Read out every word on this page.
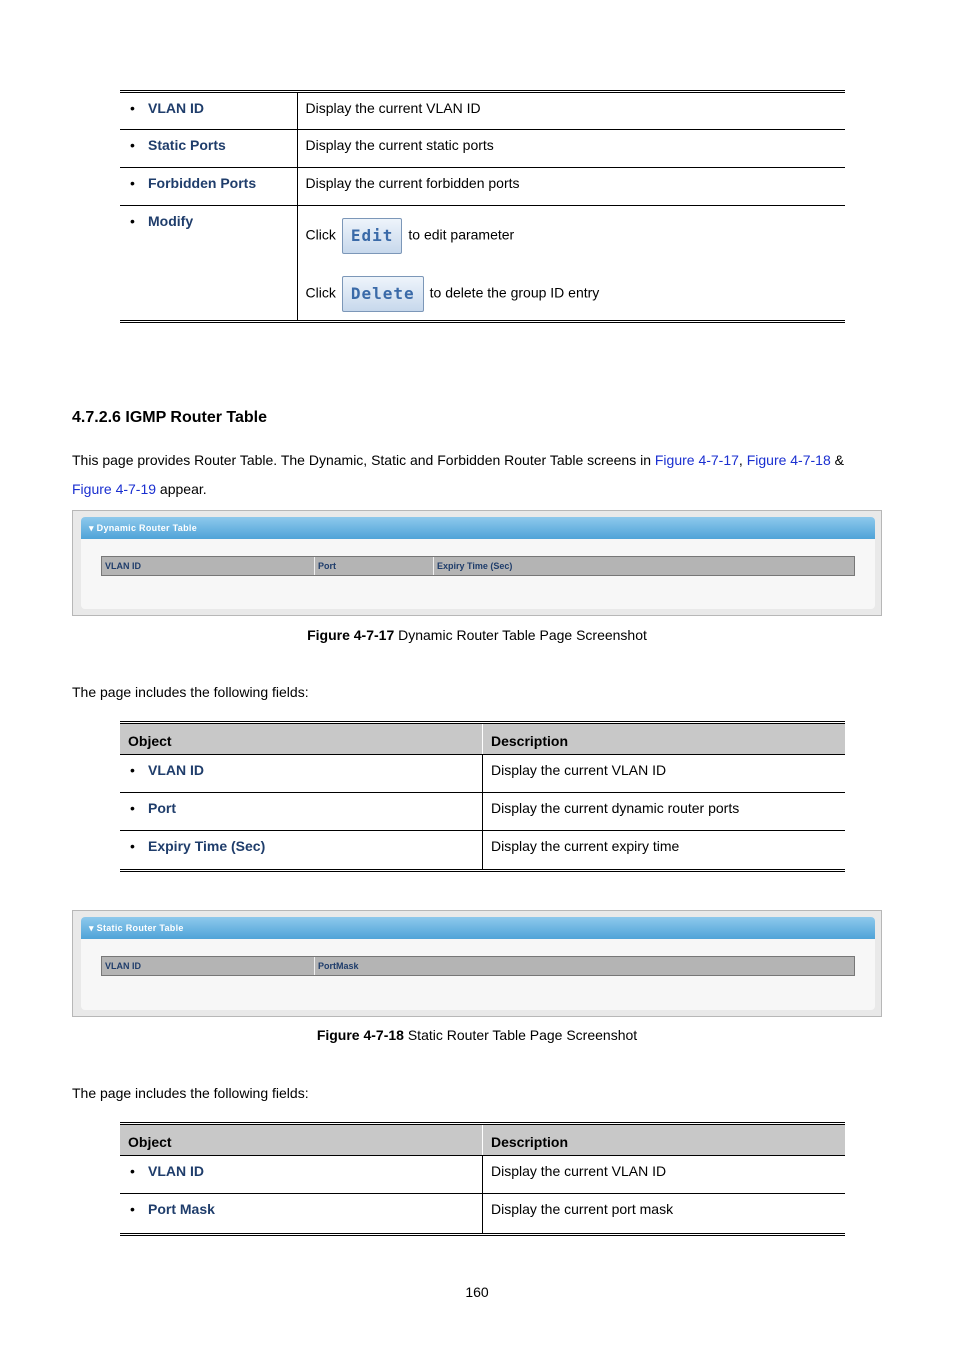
• VLAN ID	Display the current VLAN ID
• Static Ports	Display the current static ports
• Forbidden Ports	Display the current forbidden ports
• Modify	Click Edit to edit parameter
Click Delete to delete the group ID entry
4.7.2.6 IGMP Router Table
This page provides Router Table. The Dynamic, Static and Forbidden Router Table screens in Figure 4-7-17, Figure 4-7-18 &
Figure 4-7-19 appear.
▾ Dynamic Router Table
VLAN ID	Port	Expiry Time (Sec)
Figure 4-7-17 Dynamic Router Table Page Screenshot
The page includes the following fields:
Object	Description
• VLAN ID	Display the current VLAN ID
• Port	Display the current dynamic router ports
• Expiry Time (Sec)	Display the current expiry time
▾ Static Router Table
VLAN ID	PortMask
Figure 4-7-18 Static Router Table Page Screenshot
The page includes the following fields:
Object	Description
• VLAN ID	Display the current VLAN ID
• Port Mask	Display the current port mask
160
